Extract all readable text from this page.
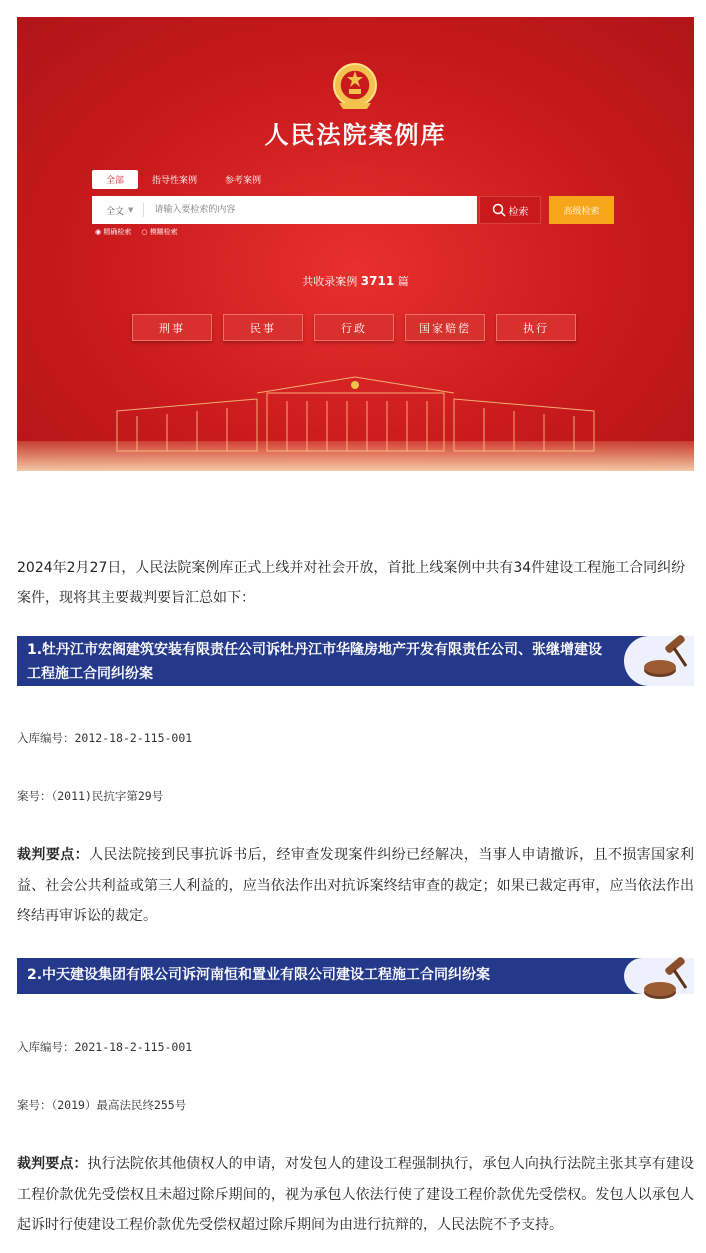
人民法院案例库
全部	指导性案例	参考案例
全文 ▼
请输入要检索的内容	检索	高级检索
◉ 精确检索 ○ 模糊检索
共收录案例 3711 篇
刑事	民事	行政	国家赔偿	执行
2024年2月27日，人民法院案例库正式上线并对社会开放，首批上线案例中共有34件建设工程施工合同纠纷案件，现将其主要裁判要旨汇总如下：
1.牡丹江市宏阁建筑安装有限责任公司诉牡丹江市华隆房地产开发有限责任公司、张继增建设工程施工合同纠纷案
入库编号：2012-18-2-115-001
案号：（2011)民抗字第29号
裁判要点：人民法院接到民事抗诉书后，经审查发现案件纠纷已经解决，当事人申请撤诉，且不损害国家利益、社会公共利益或第三人利益的，应当依法作出对抗诉案终结审查的裁定；如果已裁定再审，应当依法作出终结再审诉讼的裁定。
2.中天建设集团有限公司诉河南恒和置业有限公司建设工程施工合同纠纷案
入库编号：2021-18-2-115-001
案号：（2019）最高法民终255号
裁判要点：执行法院依其他债权人的申请，对发包人的建设工程强制执行，承包人向执行法院主张其享有建设工程价款优先受偿权且未超过除斥期间的，视为承包人依法行使了建设工程价款优先受偿权。发包人以承包人起诉时行使建设工程价款优先受偿权超过除斥期间为由进行抗辩的，人民法院不予支持。
